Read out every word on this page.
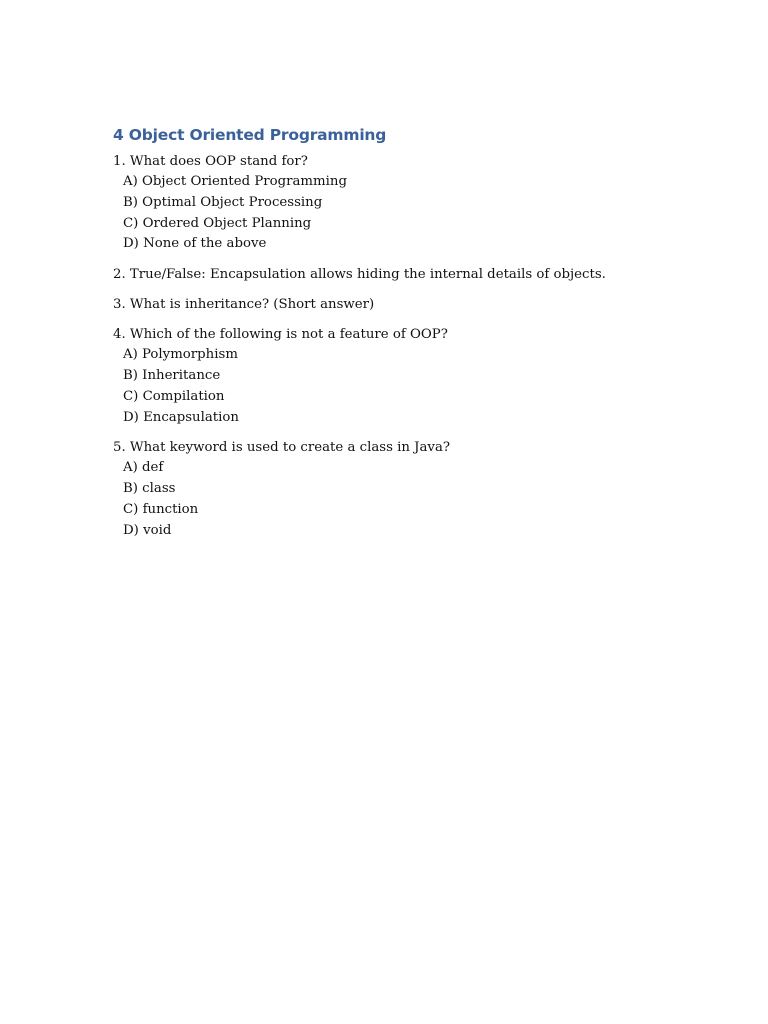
4 Object Oriented Programming
1. What does OOP stand for?
A) Object Oriented Programming
B) Optimal Object Processing
C) Ordered Object Planning
D) None of the above
2. True/False: Encapsulation allows hiding the internal details of objects.
3. What is inheritance? (Short answer)
4. Which of the following is not a feature of OOP?
A) Polymorphism
B) Inheritance
C) Compilation
D) Encapsulation
5. What keyword is used to create a class in Java?
A) def
B) class
C) function
D) void
